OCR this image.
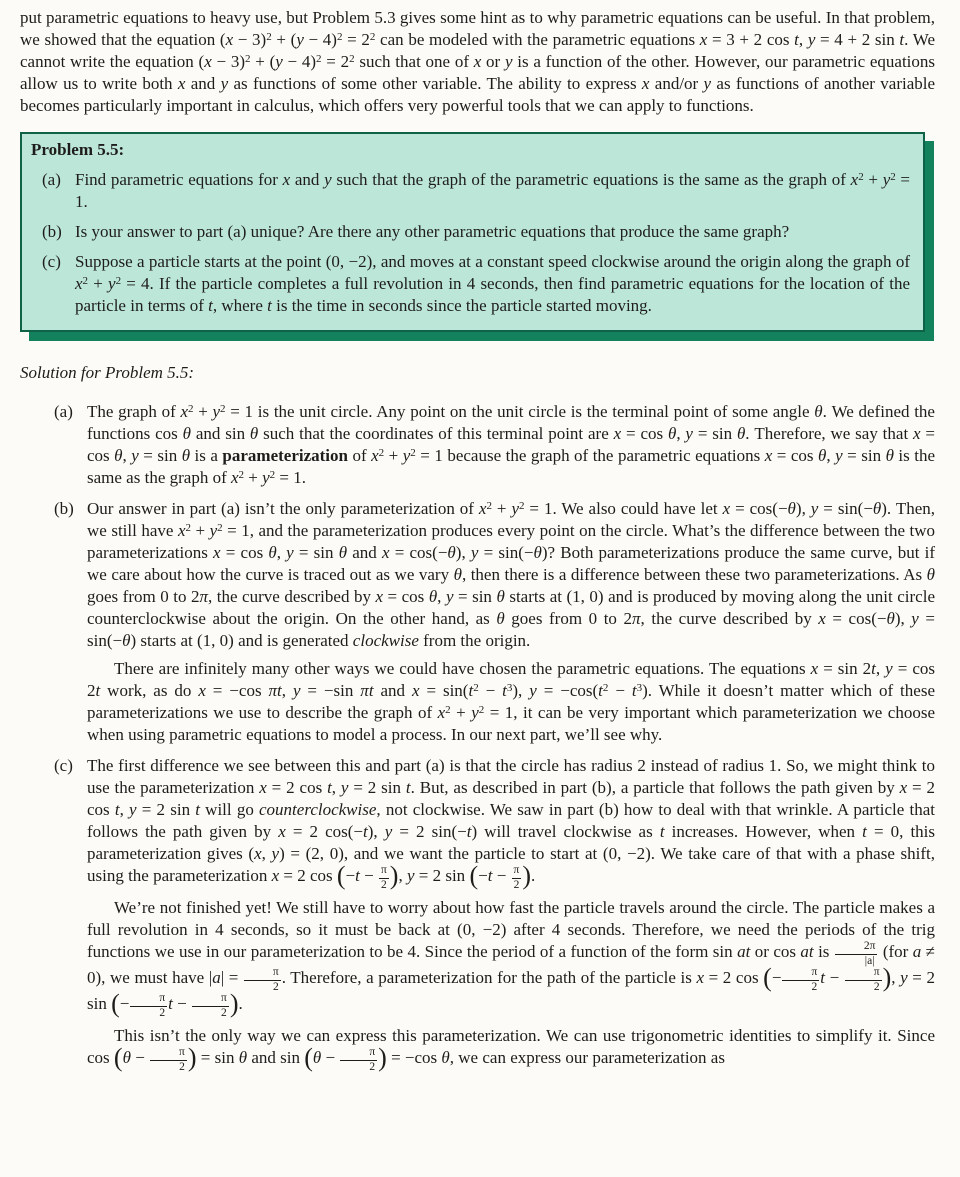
put parametric equations to heavy use, but Problem 5.3 gives some hint as to why parametric equations can be useful. In that problem, we showed that the equation $(x - 3)^2 + (y - 4)^2 = 2^2$ can be modeled with the parametric equations x = 3 + 2 cos t, y = 4 + 2 sin t. We cannot write the equation $(x - 3)^2 + (y - 4)^2 = 2^2$ such that one of x or y is a function of the other. However, our parametric equations allow us to write both x and y as functions of some other variable. The ability to express x and/or y as functions of another variable becomes particularly important in calculus, which offers very powerful tools that we can apply to functions.

Problem 5.5:
(a) Find parametric equations for x and y such that the graph of the parametric equations is the same as the graph of $x^2 + y^2 = 1$.
(b) Is your answer to part (a) unique? Are there any other parametric equations that produce the same graph?
(c) Suppose a particle starts at the point (0, −2), and moves at a constant speed clockwise around the origin along the graph of $x^2 + y^2 = 4$. If the particle completes a full revolution in 4 seconds, then find parametric equations for the location of the particle in terms of t, where t is the time in seconds since the particle started moving.

Solution for Problem 5.5:

(a) The graph of $x^2 + y^2 = 1$ is the unit circle. Any point on the unit circle is the terminal point of some angle θ. We defined the functions cos θ and sin θ such that the coordinates of this terminal point are x = cos θ, y = sin θ. Therefore, we say that x = cos θ, y = sin θ is a parameterization of $x^2 + y^2 = 1$ because the graph of the parametric equations x = cos θ, y = sin θ is the same as the graph of $x^2 + y^2 = 1$.

(b) Our answer in part (a) isn’t the only parameterization of $x^2 + y^2 = 1$. We also could have let x = cos(−θ), y = sin(−θ). Then, we still have $x^2 + y^2 = 1$, and the parameterization produces every point on the circle. What’s the difference between the two parameterizations x = cos θ, y = sin θ and x = cos(−θ), y = sin(−θ)? Both parameterizations produce the same curve, but if we care about how the curve is traced out as we vary θ, then there is a difference between these two parameterizations. As θ goes from 0 to 2π, the curve described by x = cos θ, y = sin θ starts at (1, 0) and is produced by moving along the unit circle counterclockwise about the origin. On the other hand, as θ goes from 0 to 2π, the curve described by x = cos(−θ), y = sin(−θ) starts at (1, 0) and is generated clockwise from the origin.

There are infinitely many other ways we could have chosen the parametric equations. The equations x = sin 2t, y = cos 2t work, as do x = −cos πt, y = −sin πt and $x = \sin(t^2 - t^3)$, $y = -\cos(t^2 - t^3)$. While it doesn’t matter which of these parameterizations we use to describe the graph of $x^2 + y^2 = 1$, it can be very important which parameterization we choose when using parametric equations to model a process. In our next part, we’ll see why.

(c) The first difference we see between this and part (a) is that the circle has radius 2 instead of radius 1. So, we might think to use the parameterization x = 2 cos t, y = 2 sin t. But, as described in part (b), a particle that follows the path given by x = 2 cos t, y = 2 sin t will go counterclockwise, not clockwise. We saw in part (b) how to deal with that wrinkle. A particle that follows the path given by x = 2 cos(−t), y = 2 sin(−t) will travel clockwise as t increases. However, when t = 0, this parameterization gives (x, y) = (2, 0), and we want the particle to start at (0, −2). We take care of that with a phase shift, using the parameterization x = 2 $\cos (-t - \frac{\pi}{2}$ ), y = 2 $\sin (-t - \frac{\pi}{2}$ ).

We’re not finished yet! We still have to worry about how fast the particle travels around the circle. The particle makes a full revolution in 4 seconds, so it must be back at (0, −2) after 4 seconds. Therefore, we need the periods of the trig functions we use in our parameterization to be 4. Since the period of a function of the form sin at or cos at is $\frac{2\pi}{|a|} (for$ a ≠ 0), we must have $|a| = \frac{\pi}{2}$ . Therefore, a parameterization for the path of the particle is x = 2 cos (− $\frac{\pi}{2}$ $t - \frac{\pi}{2}$ ), y = 2 sin (− $\frac{\pi}{2}$ $t - \frac{\pi}{2}$ ).

This isn’t the only way we can express this parameterization. We can use trigonometric identities to simplify it. Since $\cos (\theta - \frac{\pi}{2}$ ) = sin θ and $\sin (\theta - \frac{\pi}{2}$ ) = −cos θ, we can express our parameterization as
